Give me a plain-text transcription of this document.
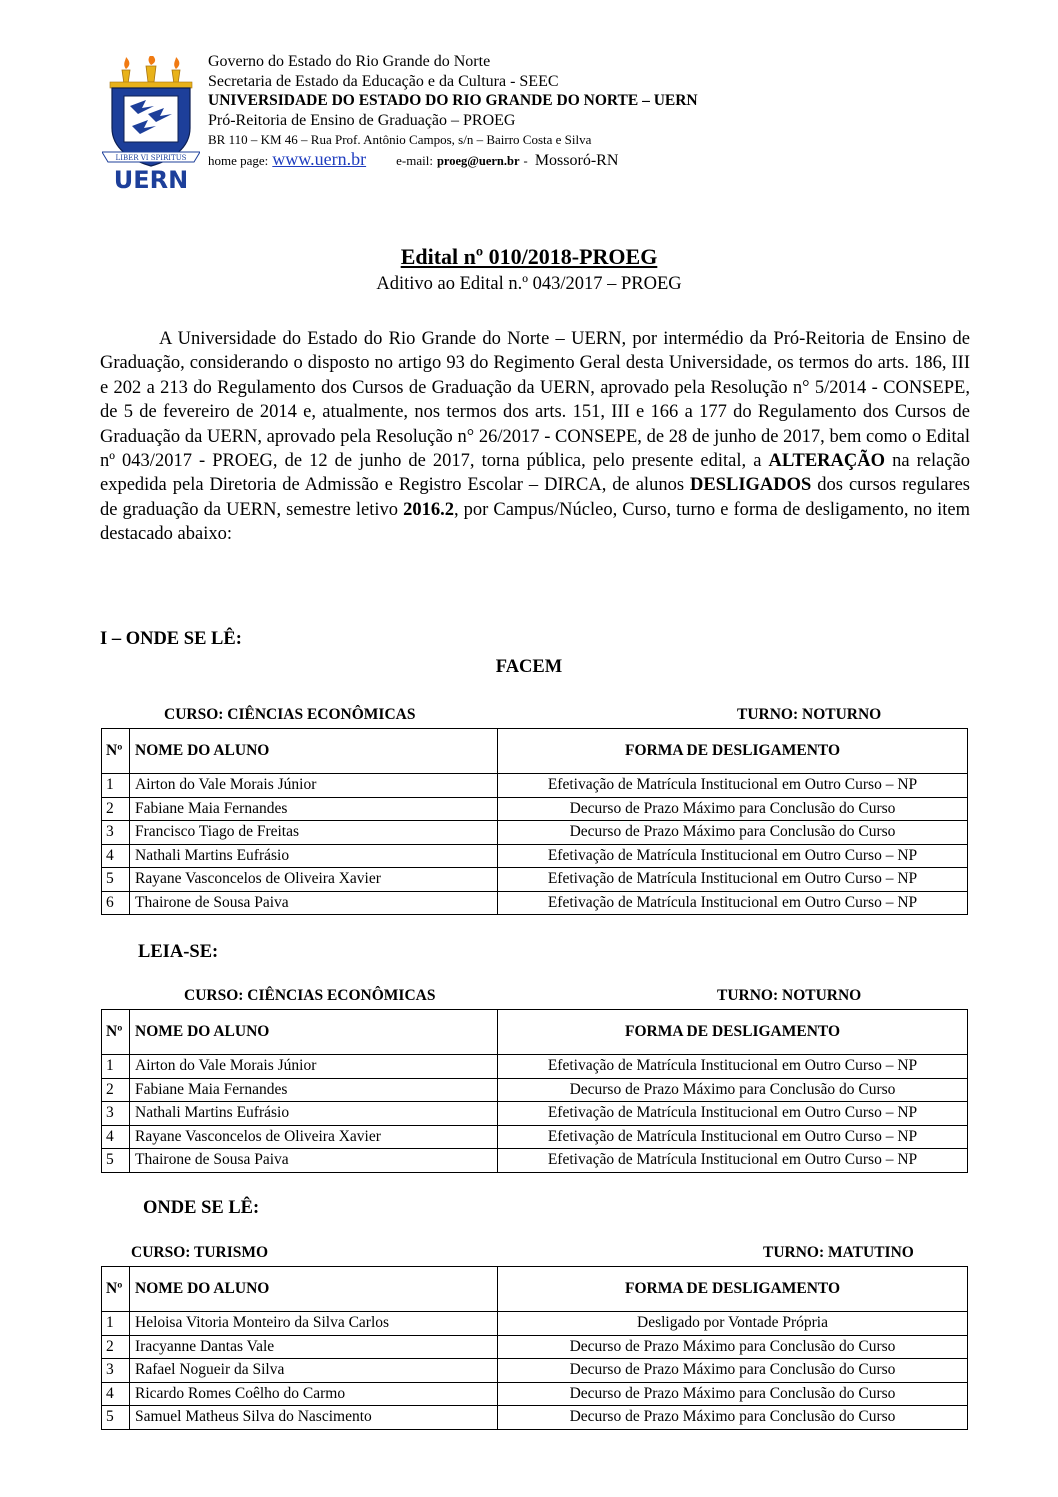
LIBER VI SPIRITUS
UERN
Governo do Estado do Rio Grande do Norte
Secretaria de Estado da Educação e da Cultura - SEEC
UNIVERSIDADE DO ESTADO DO RIO GRANDE DO NORTE – UERN
Pró-Reitoria de Ensino de Graduação – PROEG
BR 110 – KM 46 – Rua Prof. Antônio Campos, s/n – Bairro Costa e Silva
home page: www.uern.br e-mail: proeg@uern.br - Mossoró-RN
Edital nº 010/2018-PROEG
Aditivo ao Edital n.º 043/2017 – PROEG
A Universidade do Estado do Rio Grande do Norte – UERN, por intermédio da Pró-Reitoria de Ensino de Graduação, considerando o disposto no artigo 93 do Regimento Geral desta Universidade, os termos do arts. 186, III e 202 a 213 do Regulamento dos Cursos de Graduação da UERN, aprovado pela Resolução n° 5/2014 - CONSEPE, de 5 de fevereiro de 2014 e, atualmente, nos termos dos arts. 151, III e 166 a 177 do Regulamento dos Cursos de Graduação da UERN, aprovado pela Resolução n° 26/2017 - CONSEPE, de 28 de junho de 2017, bem como o Edital nº 043/2017 - PROEG, de 12 de junho de 2017, torna pública, pelo presente edital, a ALTERAÇÃO na relação expedida pela Diretoria de Admissão e Registro Escolar – DIRCA, de alunos DESLIGADOS dos cursos regulares de graduação da UERN, semestre letivo 2016.2, por Campus/Núcleo, Curso, turno e forma de desligamento, no item destacado abaixo:
I – ONDE SE LÊ:
FACEM
CURSO: CIÊNCIAS ECONÔMICAS	TURNO: NOTURNO
Nº	NOME DO ALUNO	FORMA DE DESLIGAMENTO
1	Airton do Vale Morais Júnior	Efetivação de Matrícula Institucional em Outro Curso – NP
2	Fabiane Maia Fernandes	Decurso de Prazo Máximo para Conclusão do Curso
3	Francisco Tiago de Freitas	Decurso de Prazo Máximo para Conclusão do Curso
4	Nathali Martins Eufrásio	Efetivação de Matrícula Institucional em Outro Curso – NP
5	Rayane Vasconcelos de Oliveira Xavier	Efetivação de Matrícula Institucional em Outro Curso – NP
6	Thairone de Sousa Paiva	Efetivação de Matrícula Institucional em Outro Curso – NP
LEIA-SE:
CURSO: CIÊNCIAS ECONÔMICAS	TURNO: NOTURNO
Nº	NOME DO ALUNO	FORMA DE DESLIGAMENTO
1	Airton do Vale Morais Júnior	Efetivação de Matrícula Institucional em Outro Curso – NP
2	Fabiane Maia Fernandes	Decurso de Prazo Máximo para Conclusão do Curso
3	Nathali Martins Eufrásio	Efetivação de Matrícula Institucional em Outro Curso – NP
4	Rayane Vasconcelos de Oliveira Xavier	Efetivação de Matrícula Institucional em Outro Curso – NP
5	Thairone de Sousa Paiva	Efetivação de Matrícula Institucional em Outro Curso – NP
ONDE SE LÊ:
CURSO: TURISMO	TURNO: MATUTINO
Nº	NOME DO ALUNO	FORMA DE DESLIGAMENTO
1	Heloisa Vitoria Monteiro da Silva Carlos	Desligado por Vontade Própria
2	Iracyanne Dantas Vale	Decurso de Prazo Máximo para Conclusão do Curso
3	Rafael Nogueir da Silva	Decurso de Prazo Máximo para Conclusão do Curso
4	Ricardo Romes Coêlho do Carmo	Decurso de Prazo Máximo para Conclusão do Curso
5	Samuel Matheus Silva do Nascimento	Decurso de Prazo Máximo para Conclusão do Curso
